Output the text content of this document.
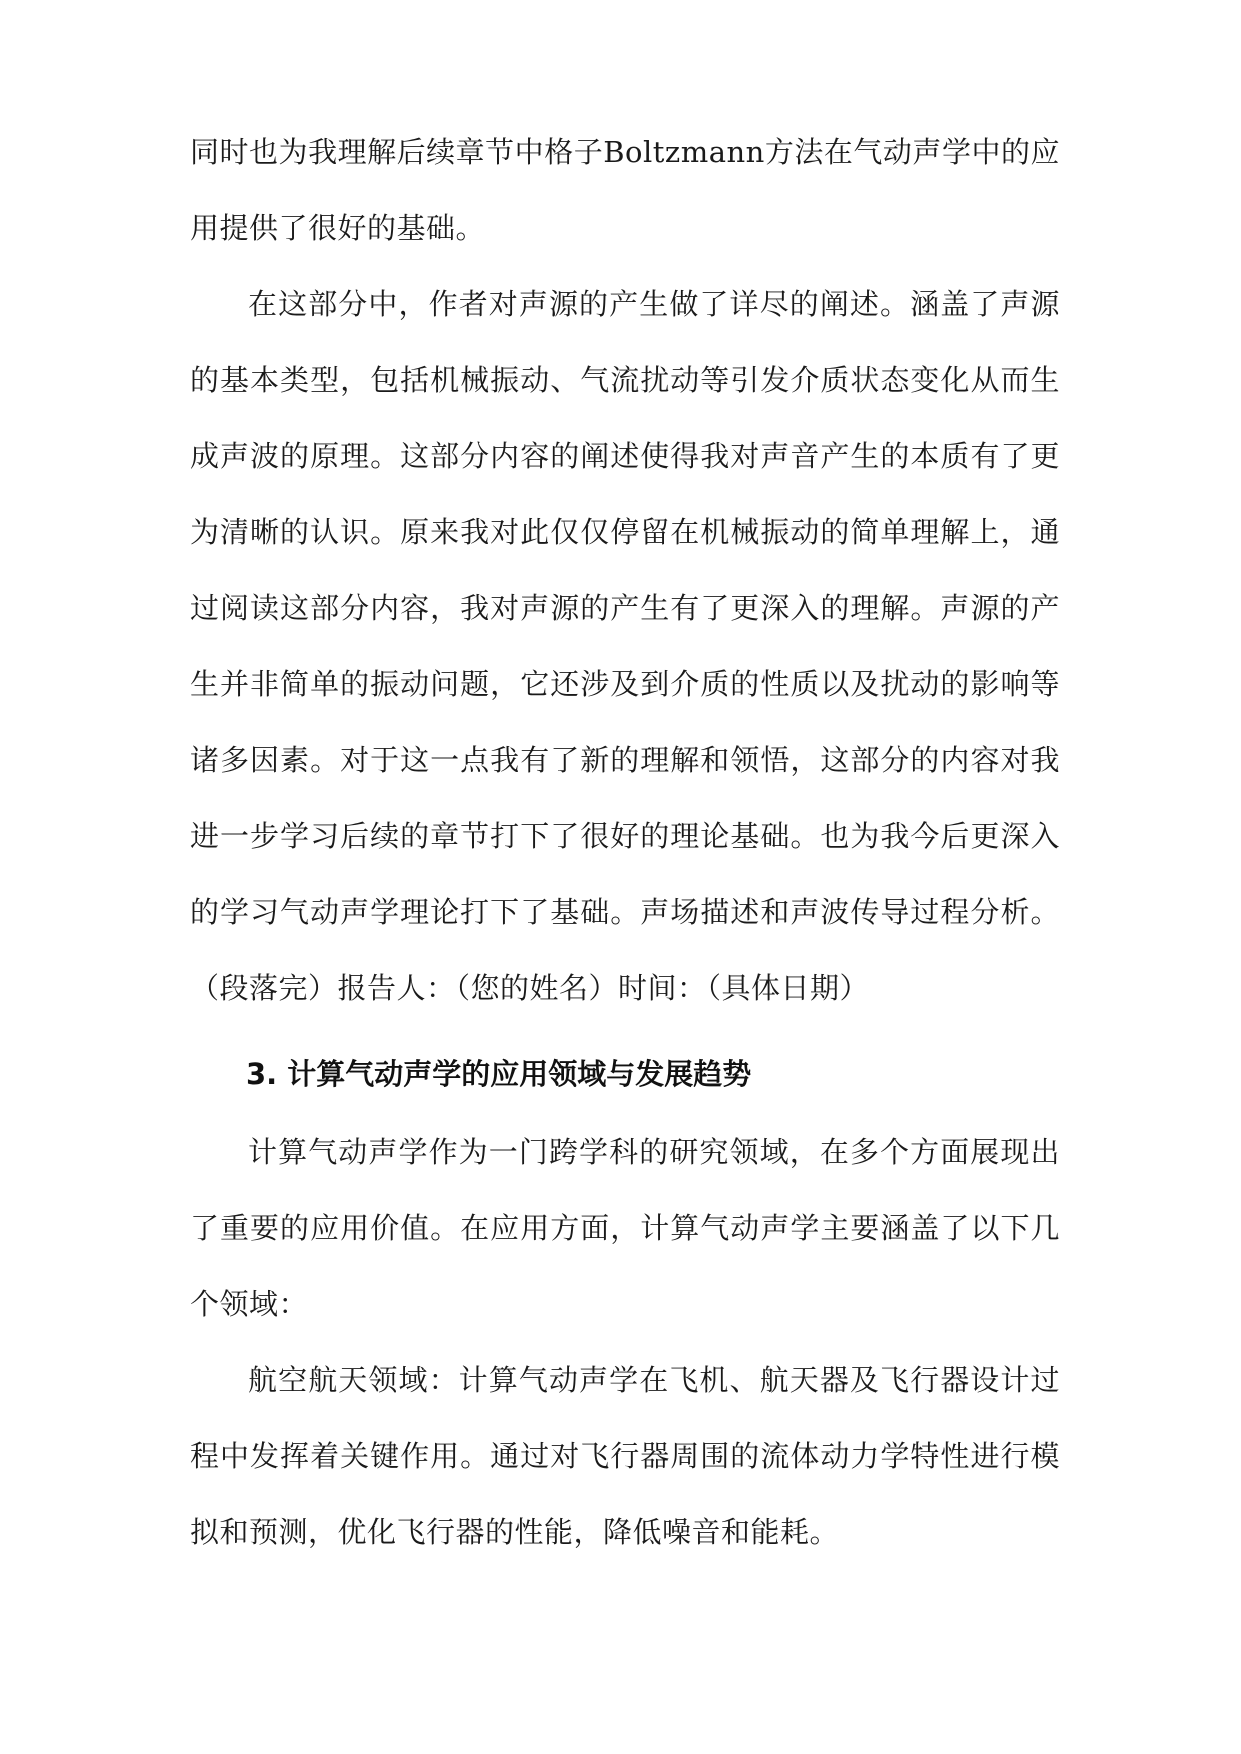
同时也为我理解后续章节中格子Boltzmann方法在气动声学中的应用提供了很好的基础。

在这部分中，作者对声源的产生做了详尽的阐述。涵盖了声源的基本类型，包括机械振动、气流扰动等引发介质状态变化从而生成声波的原理。这部分内容的阐述使得我对声音产生的本质有了更为清晰的认识。原来我对此仅仅停留在机械振动的简单理解上，通过阅读这部分内容，我对声源的产生有了更深入的理解。声源的产生并非简单的振动问题，它还涉及到介质的性质以及扰动的影响等诸多因素。对于这一点我有了新的理解和领悟，这部分的内容对我进一步学习后续的章节打下了很好的理论基础。也为我今后更深入的学习气动声学理论打下了基础。声场描述和声波传导过程分析。（段落完）报告人：（您的姓名）时间：（具体日期）

3. 计算气动声学的应用领域与发展趋势

计算气动声学作为一门跨学科的研究领域，在多个方面展现出了重要的应用价值。在应用方面，计算气动声学主要涵盖了以下几个领域：

航空航天领域：计算气动声学在飞机、航天器及飞行器设计过程中发挥着关键作用。通过对飞行器周围的流体动力学特性进行模拟和预测，优化飞行器的性能，降低噪音和能耗。
